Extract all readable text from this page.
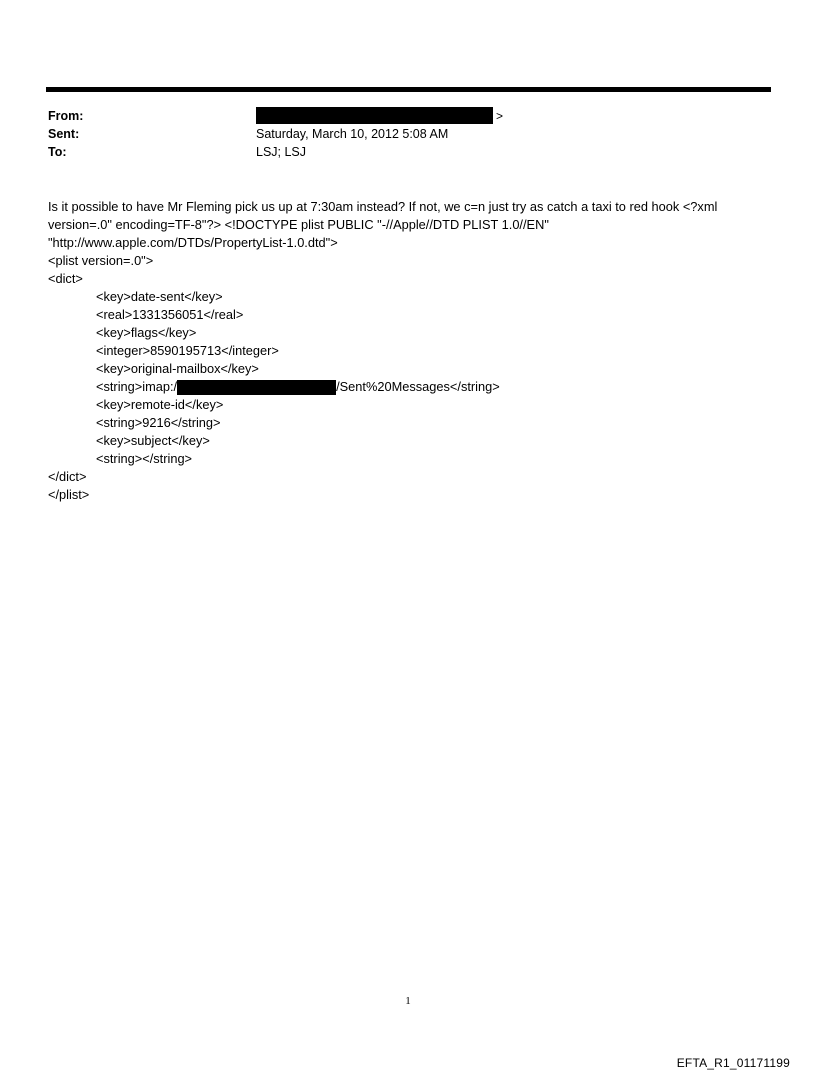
From:	>
Sent:	Saturday, March 10, 2012 5:08 AM
To:	LSJ; LSJ
Is it possible to have Mr Fleming pick us up at 7:30am instead? If not, we c=n just try as catch a taxi to red hook <?xml
version=.0" encoding=TF-8"?> <!DOCTYPE plist PUBLIC "-//Apple//DTD PLIST 1.0//EN"
"http://www.apple.com/DTDs/PropertyList-1.0.dtd">
<plist version=.0">
<dict>
<key>date-sent</key>
<real>1331356051</real>
<key>flags</key>
<integer>8590195713</integer>
<key>original-mailbox</key>
<string>imap:/	/Sent%20Messages</string>
<key>remote-id</key>
<string>9216</string>
<key>subject</key>
<string></string>
</dict>
</plist>
1
EFTA_R1_01171199
